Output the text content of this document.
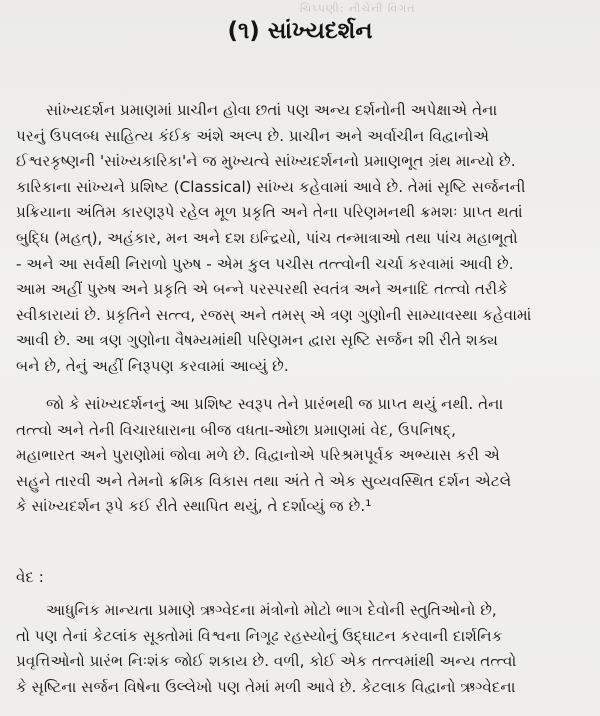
ચિપ્પણી: નીચેની વિગત
(૧) સાંખ્યદર્શન
સાંખ્યદર્શન પ્રમાણમાં પ્રાચીન હોવા છતાં પણ અન્ય દર્શનોની અપેક્ષાએ તેના
પરનું ઉપલબ્ધ સાહિત્ય કંઈક અંશે અલ્પ છે. પ્રાચીન અને અર્વાચીન વિદ્વાનોએ
ઈશ્વરકૃષ્ણની 'સાંખ્યકારિકા'ને જ મુખ્યત્વે સાંખ્યદર્શનનો પ્રમાણભૂત ગ્રંથ માન્યો છે.
કારિકાના સાંખ્યને પ્રશિષ્ટ (Classical) સાંખ્ય કહેવામાં આવે છે. તેમાં સૃષ્ટિ સર્જનની
પ્રક્રિયાના અંતિમ કારણરૂપે રહેલ મૂળ પ્રકૃતિ અને તેના પરિણમનથી ક્રમશઃ પ્રાપ્ત થતાં
બુદ્ધિ (મહત્), અહંકાર, મન અને દશ ઇન્દ્રિયો, પાંચ તન્માત્રાઓ તથા પાંચ મહાભૂતો
- અને આ સર્વથી નિરાળો પુરુષ - એમ કુલ પચીસ તત્ત્વોની ચર્ચા કરવામાં આવી છે.
આમ અહીં પુરુષ અને પ્રકૃતિ એ બન્ને પરસ્પરથી સ્વતંત્ર અને અનાદિ તત્ત્વો તરીકે
સ્વીકારાયાં છે. પ્રકૃતિને સત્ત્વ, રજસ્ અને તમસ્ એ ત્રણ ગુણોની સામ્યાવસ્થા કહેવામાં
આવી છે. આ ત્રણ ગુણોના વૈષમ્યમાંથી પરિણમન દ્વારા સૃષ્ટિ સર્જન શી રીતે શક્ય
બને છે, તેનું અહીં નિરૂપણ કરવામાં આવ્યું છે.
જો કે સાંખ્યદર્શનનું આ પ્રશિષ્ટ સ્વરૂપ તેને પ્રારંભથી જ પ્રાપ્ત થયું નથી. તેના
તત્ત્વો અને તેની વિચારધારાના બીજ વધતા-ઓછા પ્રમાણમાં વેદ, ઉપનિષદ્,
મહાભારત અને પુરાણોમાં જોવા મળે છે. વિદ્વાનોએ પરિશ્રમપૂર્વક અભ્યાસ કરી એ
સહુને તારવી અને તેમનો ક્રમિક વિકાસ તથા અંતે તે એક સુવ્યવસ્થિત દર્શન એટલે
કે સાંખ્યદર્શન રૂપે કઈ રીતે સ્થાપિત થયું, તે દર્શાવ્યું જ છે.¹
વેદ :
આધુનિક માન્યતા પ્રમાણે ઋગ્વેદના મંત્રોનો મોટો ભાગ દેવોની સ્તુતિઓનો છે,
તો પણ તેનાં કેટલાંક સૂક્તોમાં વિશ્વના નિગૂઢ રહસ્યોનું ઉદ્ઘાટન કરવાની દાર્શનિક
પ્રવૃત્તિઓનો પ્રારંભ નિઃશંક જોઈ શકાય છે. વળી, કોઈ એક તત્ત્વમાંથી અન્ય તત્ત્વો
કે સૃષ્ટિના સર્જન વિષેના ઉલ્લેખો પણ તેમાં મળી આવે છે. કેટલાક વિદ્વાનો ઋગ્વેદના
